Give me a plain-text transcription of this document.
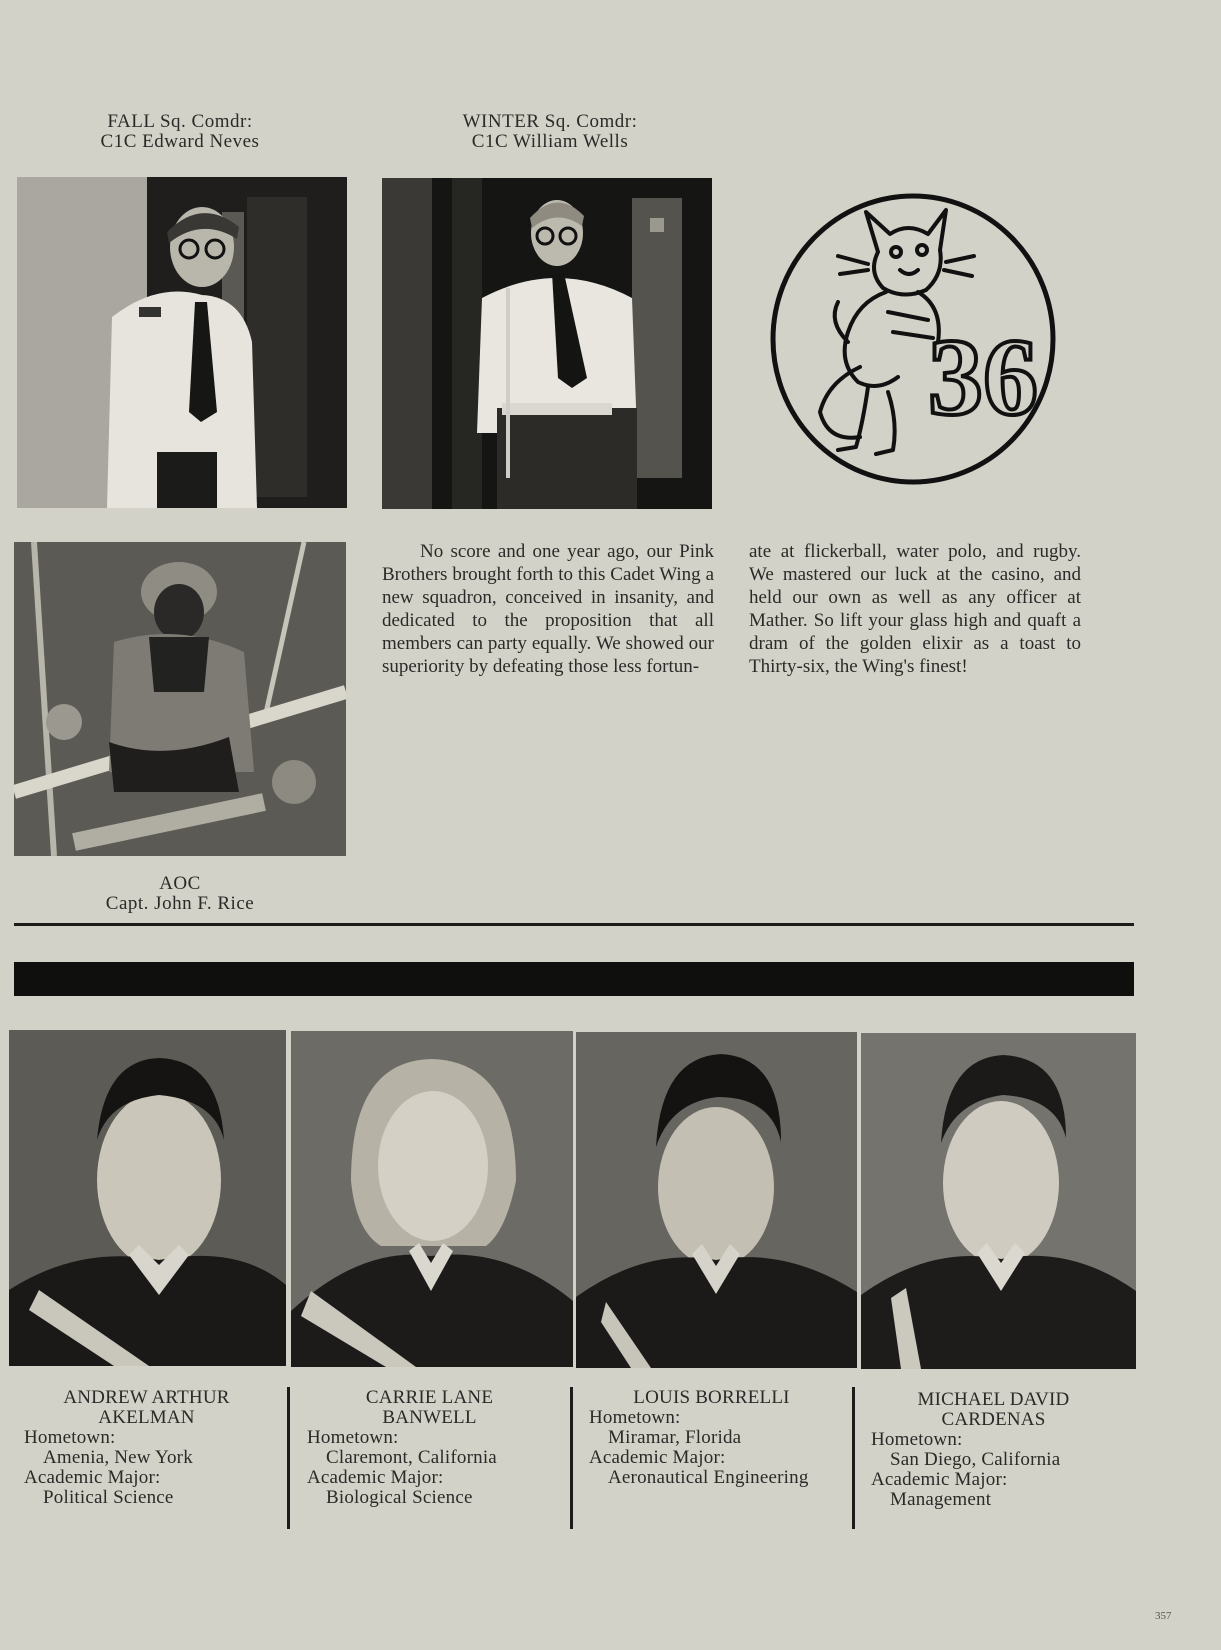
FALL Sq. Comdr:
C1C Edward Neves
WINTER Sq. Comdr:
C1C William Wells
36
AOC
Capt. John F. Rice

No score and one year ago, our Pink Brothers brought forth to this Cadet Wing a new squadron, conceived in insanity, and dedicated to the proposition that all members can party equally. We showed our superiority by defeating those less fortun-

ate at flickerball, water polo, and rugby. We mastered our luck at the casino, and held our own as well as any officer at Mather. So lift your glass high and quaft a dram of the golden elixir as a toast to Thirty-six, the Wing's finest!

ANDREW ARTHUR
AKELMAN
Hometown:
Amenia, New York
Academic Major:
Political Science
CARRIE LANE
BANWELL
Hometown:
Claremont, California
Academic Major:
Biological Science
LOUIS BORRELLI
Hometown:
Miramar, Florida
Academic Major:
Aeronautical Engineering
MICHAEL DAVID
CARDENAS
Hometown:
San Diego, California
Academic Major:
Management
357
